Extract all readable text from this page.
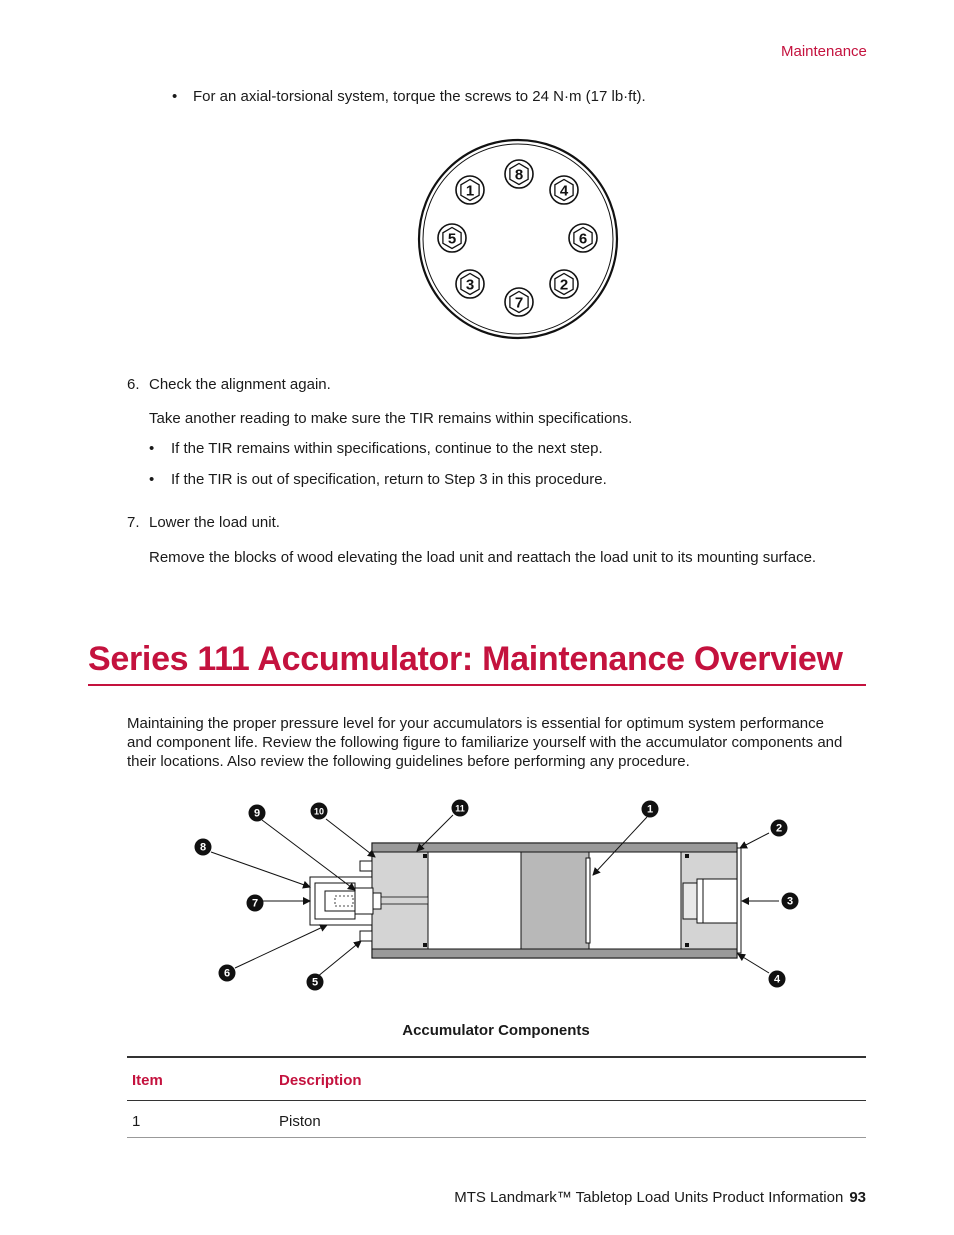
Maintenance
• For an axial-torsional system, torque the screws to 24 N·m (17 lb·ft).
8
1	4
5	6
3	2
7
6. Check the alignment again.
Take another reading to make sure the TIR remains within specifications.
• If the TIR remains within specifications, continue to the next step.
• If the TIR is out of specification, return to Step 3 in this procedure.
7. Lower the load unit.
Remove the blocks of wood elevating the load unit and reattach the load unit to its mounting surface.
Series 111 Accumulator: Maintenance Overview
Maintaining the proper pressure level for your accumulators is essential for optimum system performance
and component life. Review the following figure to familiarize yourself with the accumulator components and
their locations. Also review the following guidelines before performing any procedure.
9	10	11	1
2
8
7	3
6
5	4
Accumulator Components
Item	Description
1	Piston
MTS Landmark™ Tabletop Load Units Product Information 93
